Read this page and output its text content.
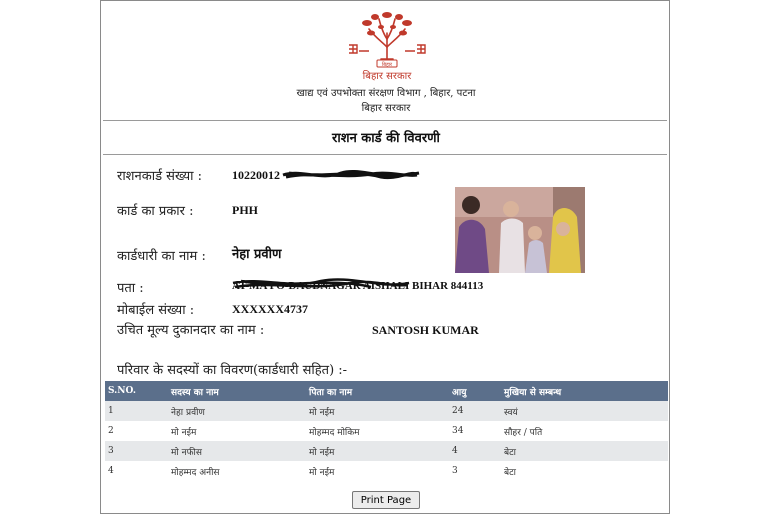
बिहार
बिहार सरकार
खाद्य एवं उपभोक्ता संरक्षण विभाग , बिहार, पटना
बिहार सरकार
राशन कार्ड की विवरणी
राशनकार्ड संख्या :	10220012
कार्ड का प्रकार :	PHH
कार्डधारी का नाम : नेहा प्रवीण
पता :	AT-MA PO-DAUDNAGAR AISHALI BIHAR 844113
मोबाईल संख्या :	XXXXXX4737
उचित मूल्य दुकानदार का नाम :	SANTOSH KUMAR
परिवार के सदस्यों का विवरण(कार्डधारी सहित) :-
S.NO.	सदस्य का नाम	पिता का नाम	आयु	मुखिया से सम्बन्ध
1	नेहा प्रवीण	मो नईम	24	स्वयं
2	मो नईम	मोहम्मद मोकिम	34	सौहर / पति
3	मो नफीस	मो नईम	4	बेटा
4	मोहम्मद अनीस	मो नईम	3	बेटा
Print Page
